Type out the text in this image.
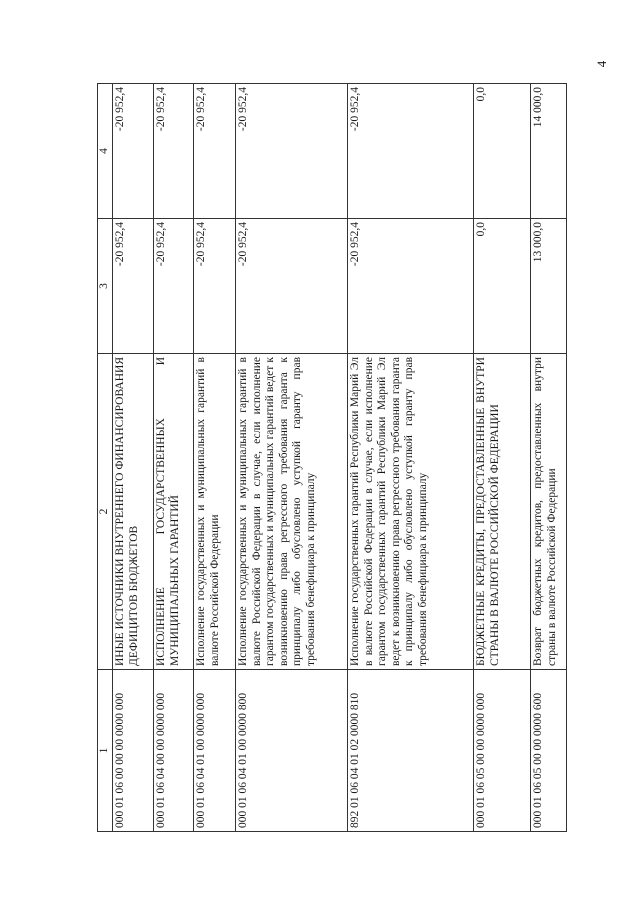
4
1	2	3	4
000 01 06 00 00 00 0000 000	ИНЫЕ ИСТОЧНИКИ ВНУТРЕННЕГО ФИНАНСИРОВАНИЯ ДЕФИЦИТОВ БЮДЖЕТОВ	-20 952,4	-20 952,4
000 01 06 04 00 00 0000 000	ИСПОЛНЕНИЕ ГОСУДАРСТВЕННЫХ И МУНИЦИПАЛЬНЫХ ГАРАНТИЙ	-20 952,4	-20 952,4
000 01 06 04 01 00 0000 000	Исполнение государственных и муниципальных гарантий в валюте Российской Федерации	-20 952,4	-20 952,4
000 01 06 04 01 00 0000 800	Исполнение государственных и муниципальных гарантий в валюте Российской Федерации в случае, если исполнение гарантом государственных и муниципальных гарантий ведет к возникновению права регрессного требования гаранта к принципалу либо обусловлено уступкой гаранту прав требования бенефициара к принципалу	-20 952,4	-20 952,4
892 01 06 04 01 02 0000 810	Исполнение государственных гарантий Республики Марий Эл в валюте Российской Федерации в случае, если исполнение гарантом государственных гарантий Республики Марий Эл ведет к возникновению права регрессного требования гаранта к принципалу либо обусловлено уступкой гаранту прав требования бенефициара к принципалу	-20 952,4	-20 952,4
000 01 06 05 00 00 0000 000	БЮДЖЕТНЫЕ КРЕДИТЫ, ПРЕДОСТАВЛЕННЫЕ ВНУТРИ СТРАНЫ В ВАЛЮТЕ РОССИЙСКОЙ ФЕДЕРАЦИИ	0,0	0,0
000 01 06 05 00 00 0000 600	Возврат бюджетных кредитов, предоставленных внутри страны в валюте Российской Федерации	13 000,0	14 000,0
